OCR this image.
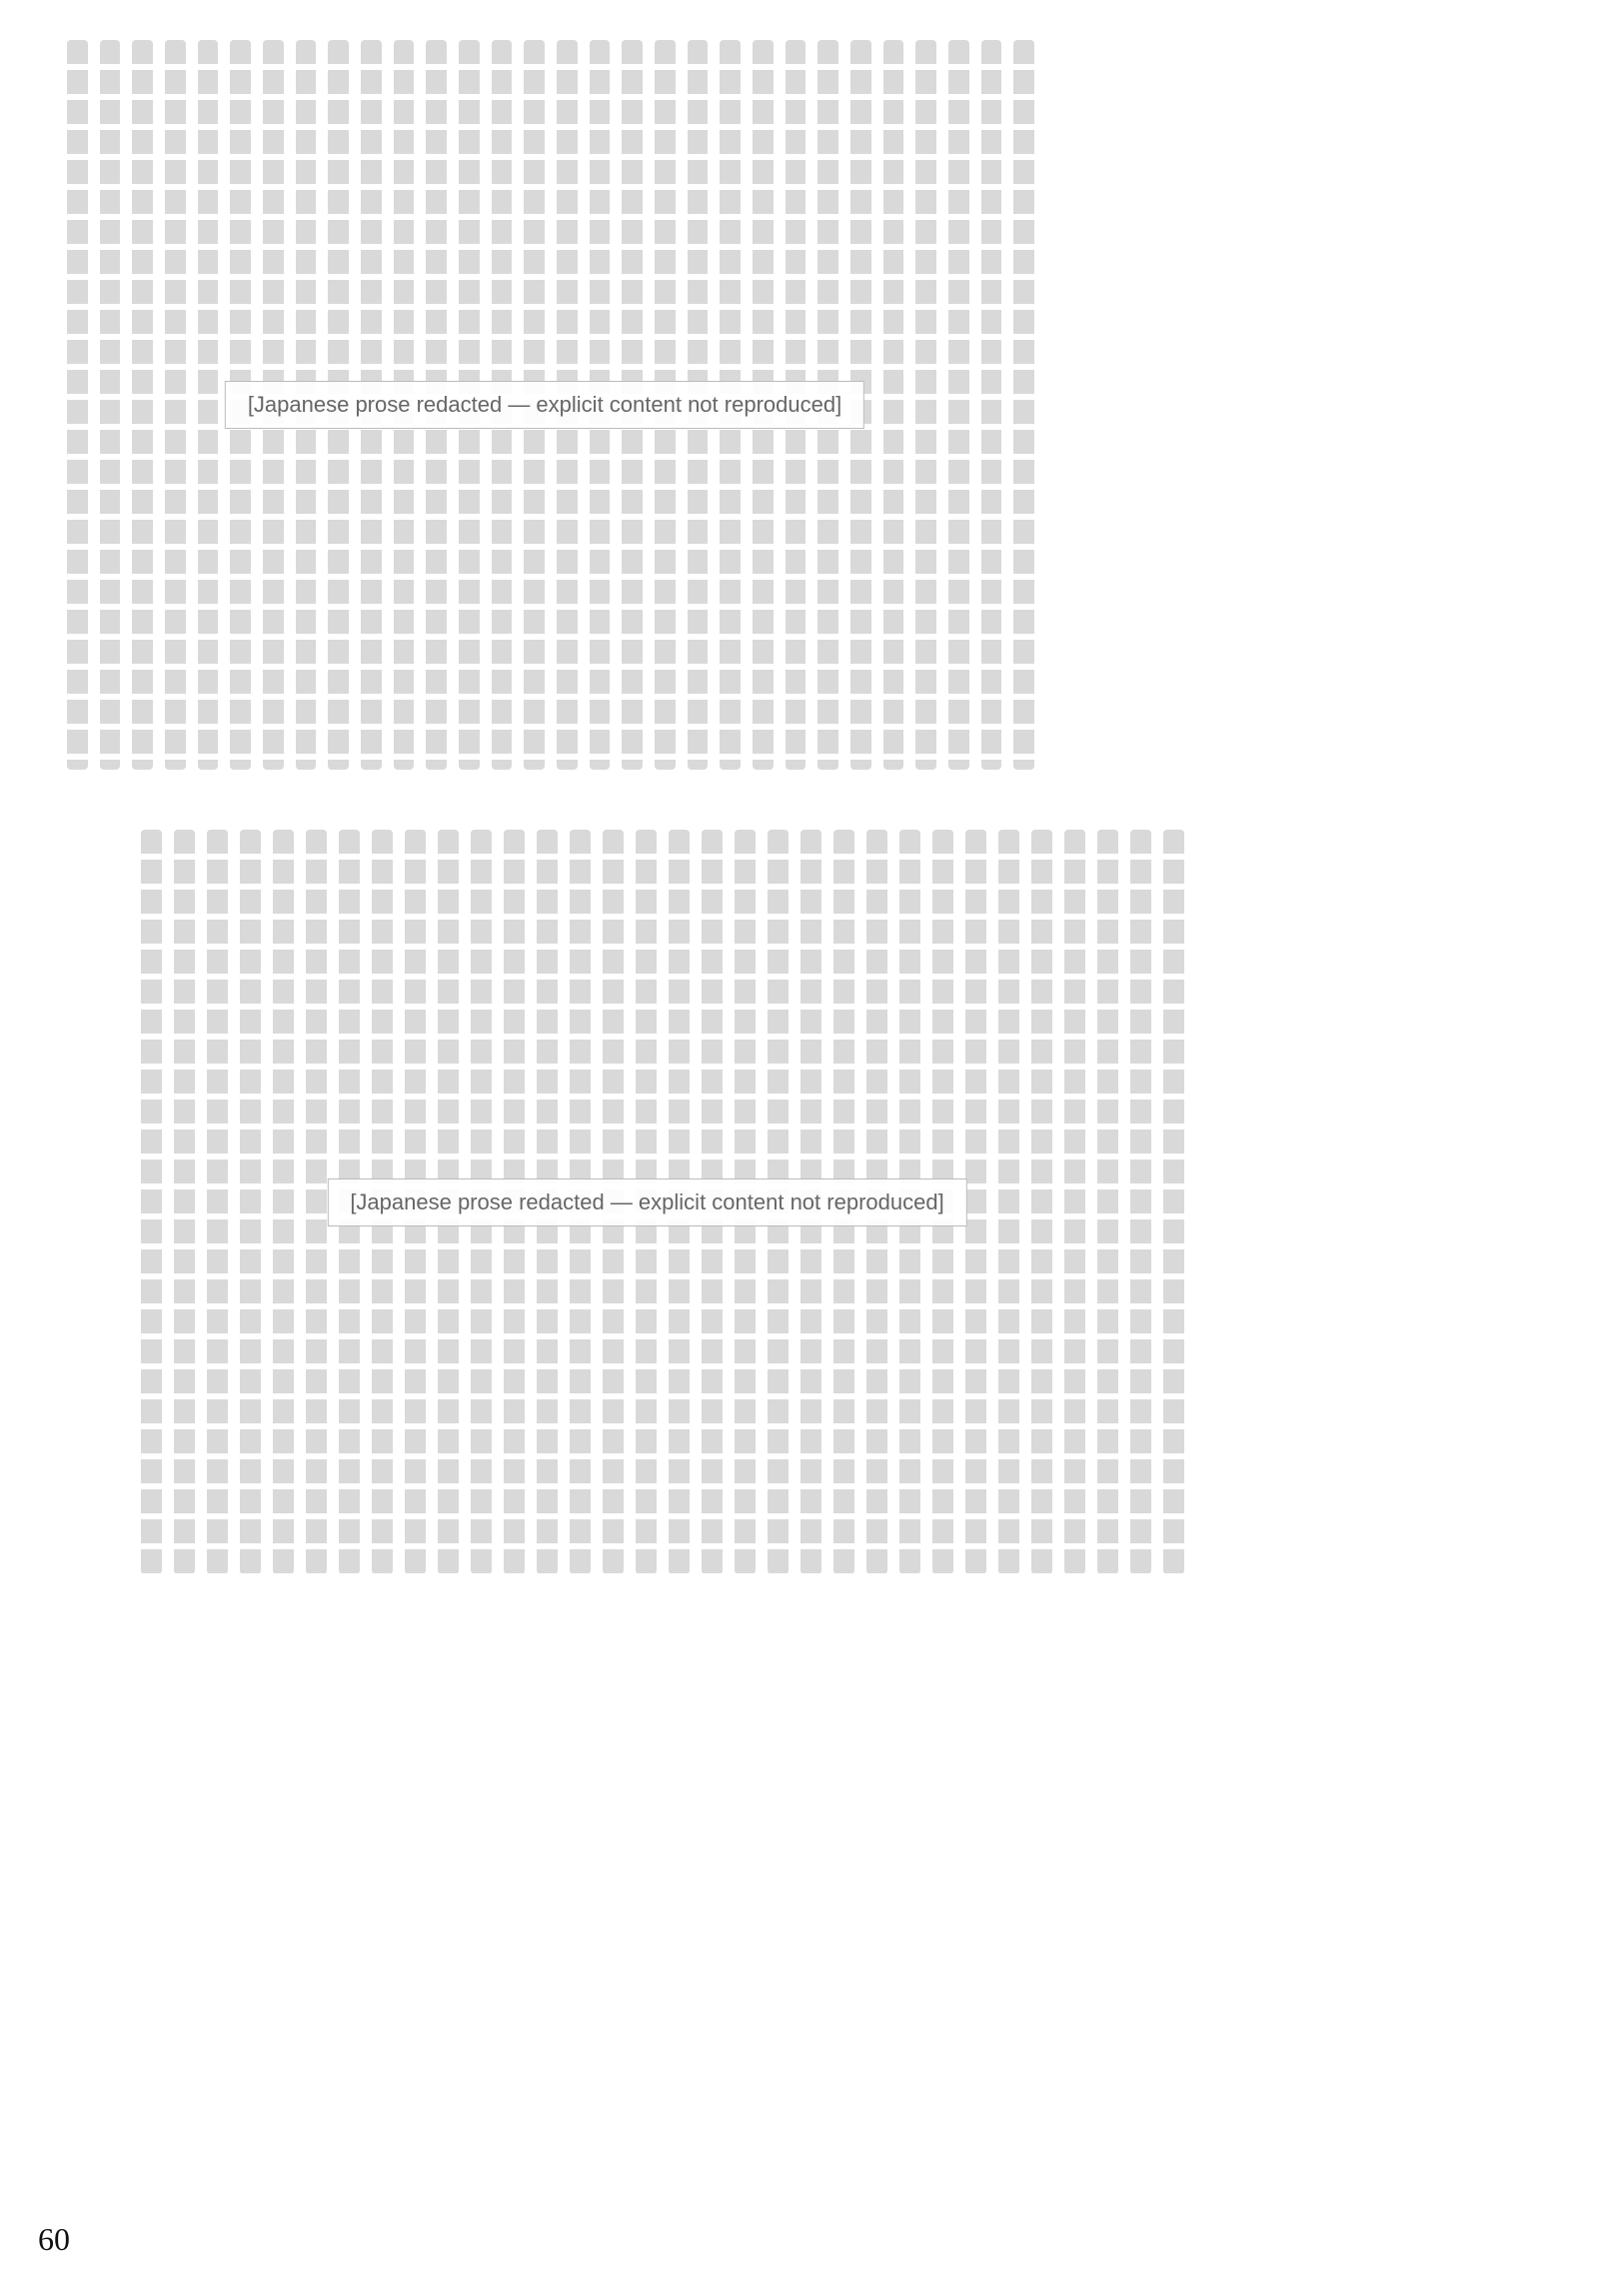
[Japanese prose redacted — explicit content not reproduced]
[Japanese prose redacted — explicit content not reproduced]
60
